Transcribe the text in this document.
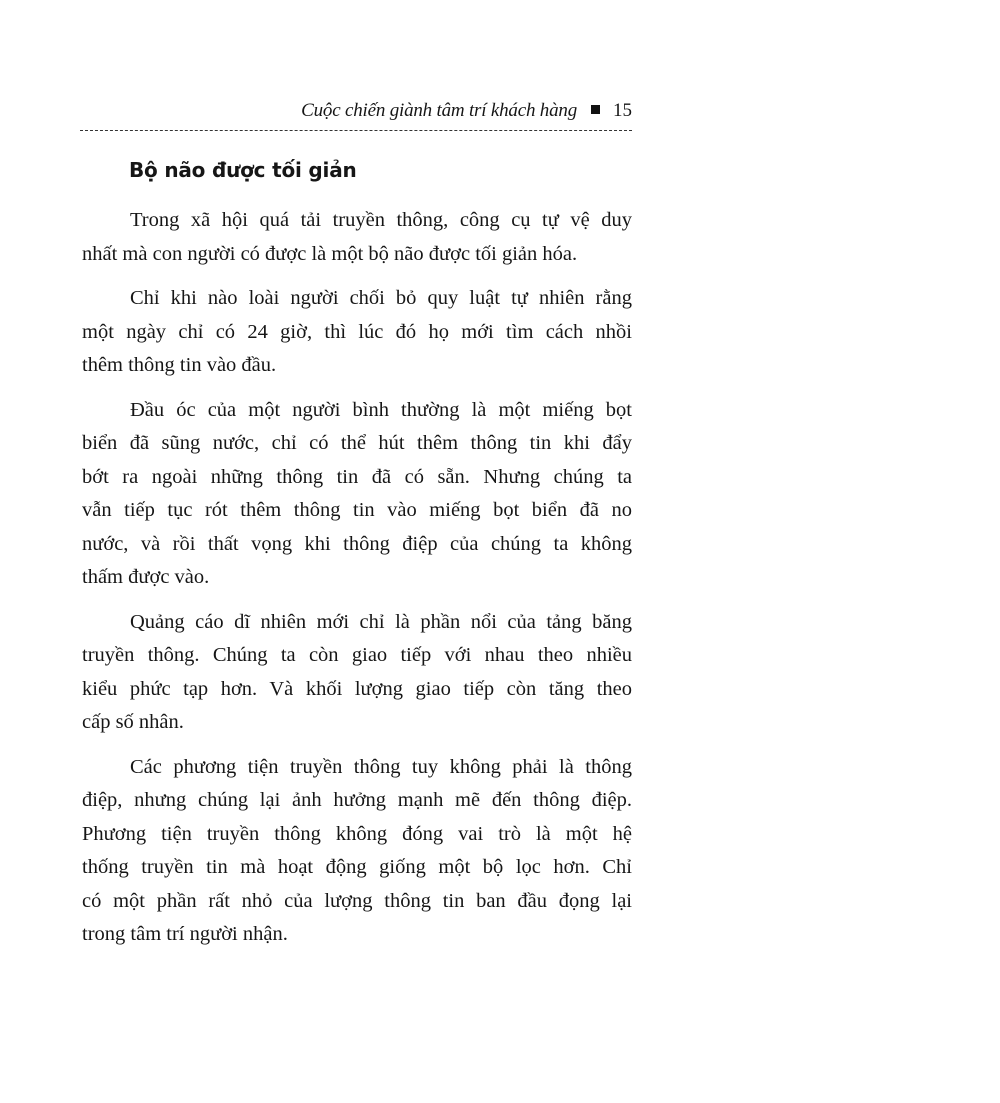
Cuộc chiến giành tâm trí khách hàng 15
Bộ não được tối giản
Trong xã hội quá tải truyền thông, công cụ tự vệ duy
nhất mà con người có được là một bộ não được tối giản hóa.
Chỉ khi nào loài người chối bỏ quy luật tự nhiên rằng
một ngày chỉ có 24 giờ, thì lúc đó họ mới tìm cách nhồi
thêm thông tin vào đầu.
Đầu óc của một người bình thường là một miếng bọt
biển đã sũng nước, chỉ có thể hút thêm thông tin khi đẩy
bớt ra ngoài những thông tin đã có sẵn. Nhưng chúng ta
vẫn tiếp tục rót thêm thông tin vào miếng bọt biển đã no
nước, và rồi thất vọng khi thông điệp của chúng ta không
thấm được vào.
Quảng cáo dĩ nhiên mới chỉ là phần nổi của tảng băng
truyền thông. Chúng ta còn giao tiếp với nhau theo nhiều
kiểu phức tạp hơn. Và khối lượng giao tiếp còn tăng theo
cấp số nhân.
Các phương tiện truyền thông tuy không phải là thông
điệp, nhưng chúng lại ảnh hưởng mạnh mẽ đến thông điệp.
Phương tiện truyền thông không đóng vai trò là một hệ
thống truyền tin mà hoạt động giống một bộ lọc hơn. Chỉ
có một phần rất nhỏ của lượng thông tin ban đầu đọng lại
trong tâm trí người nhận.
